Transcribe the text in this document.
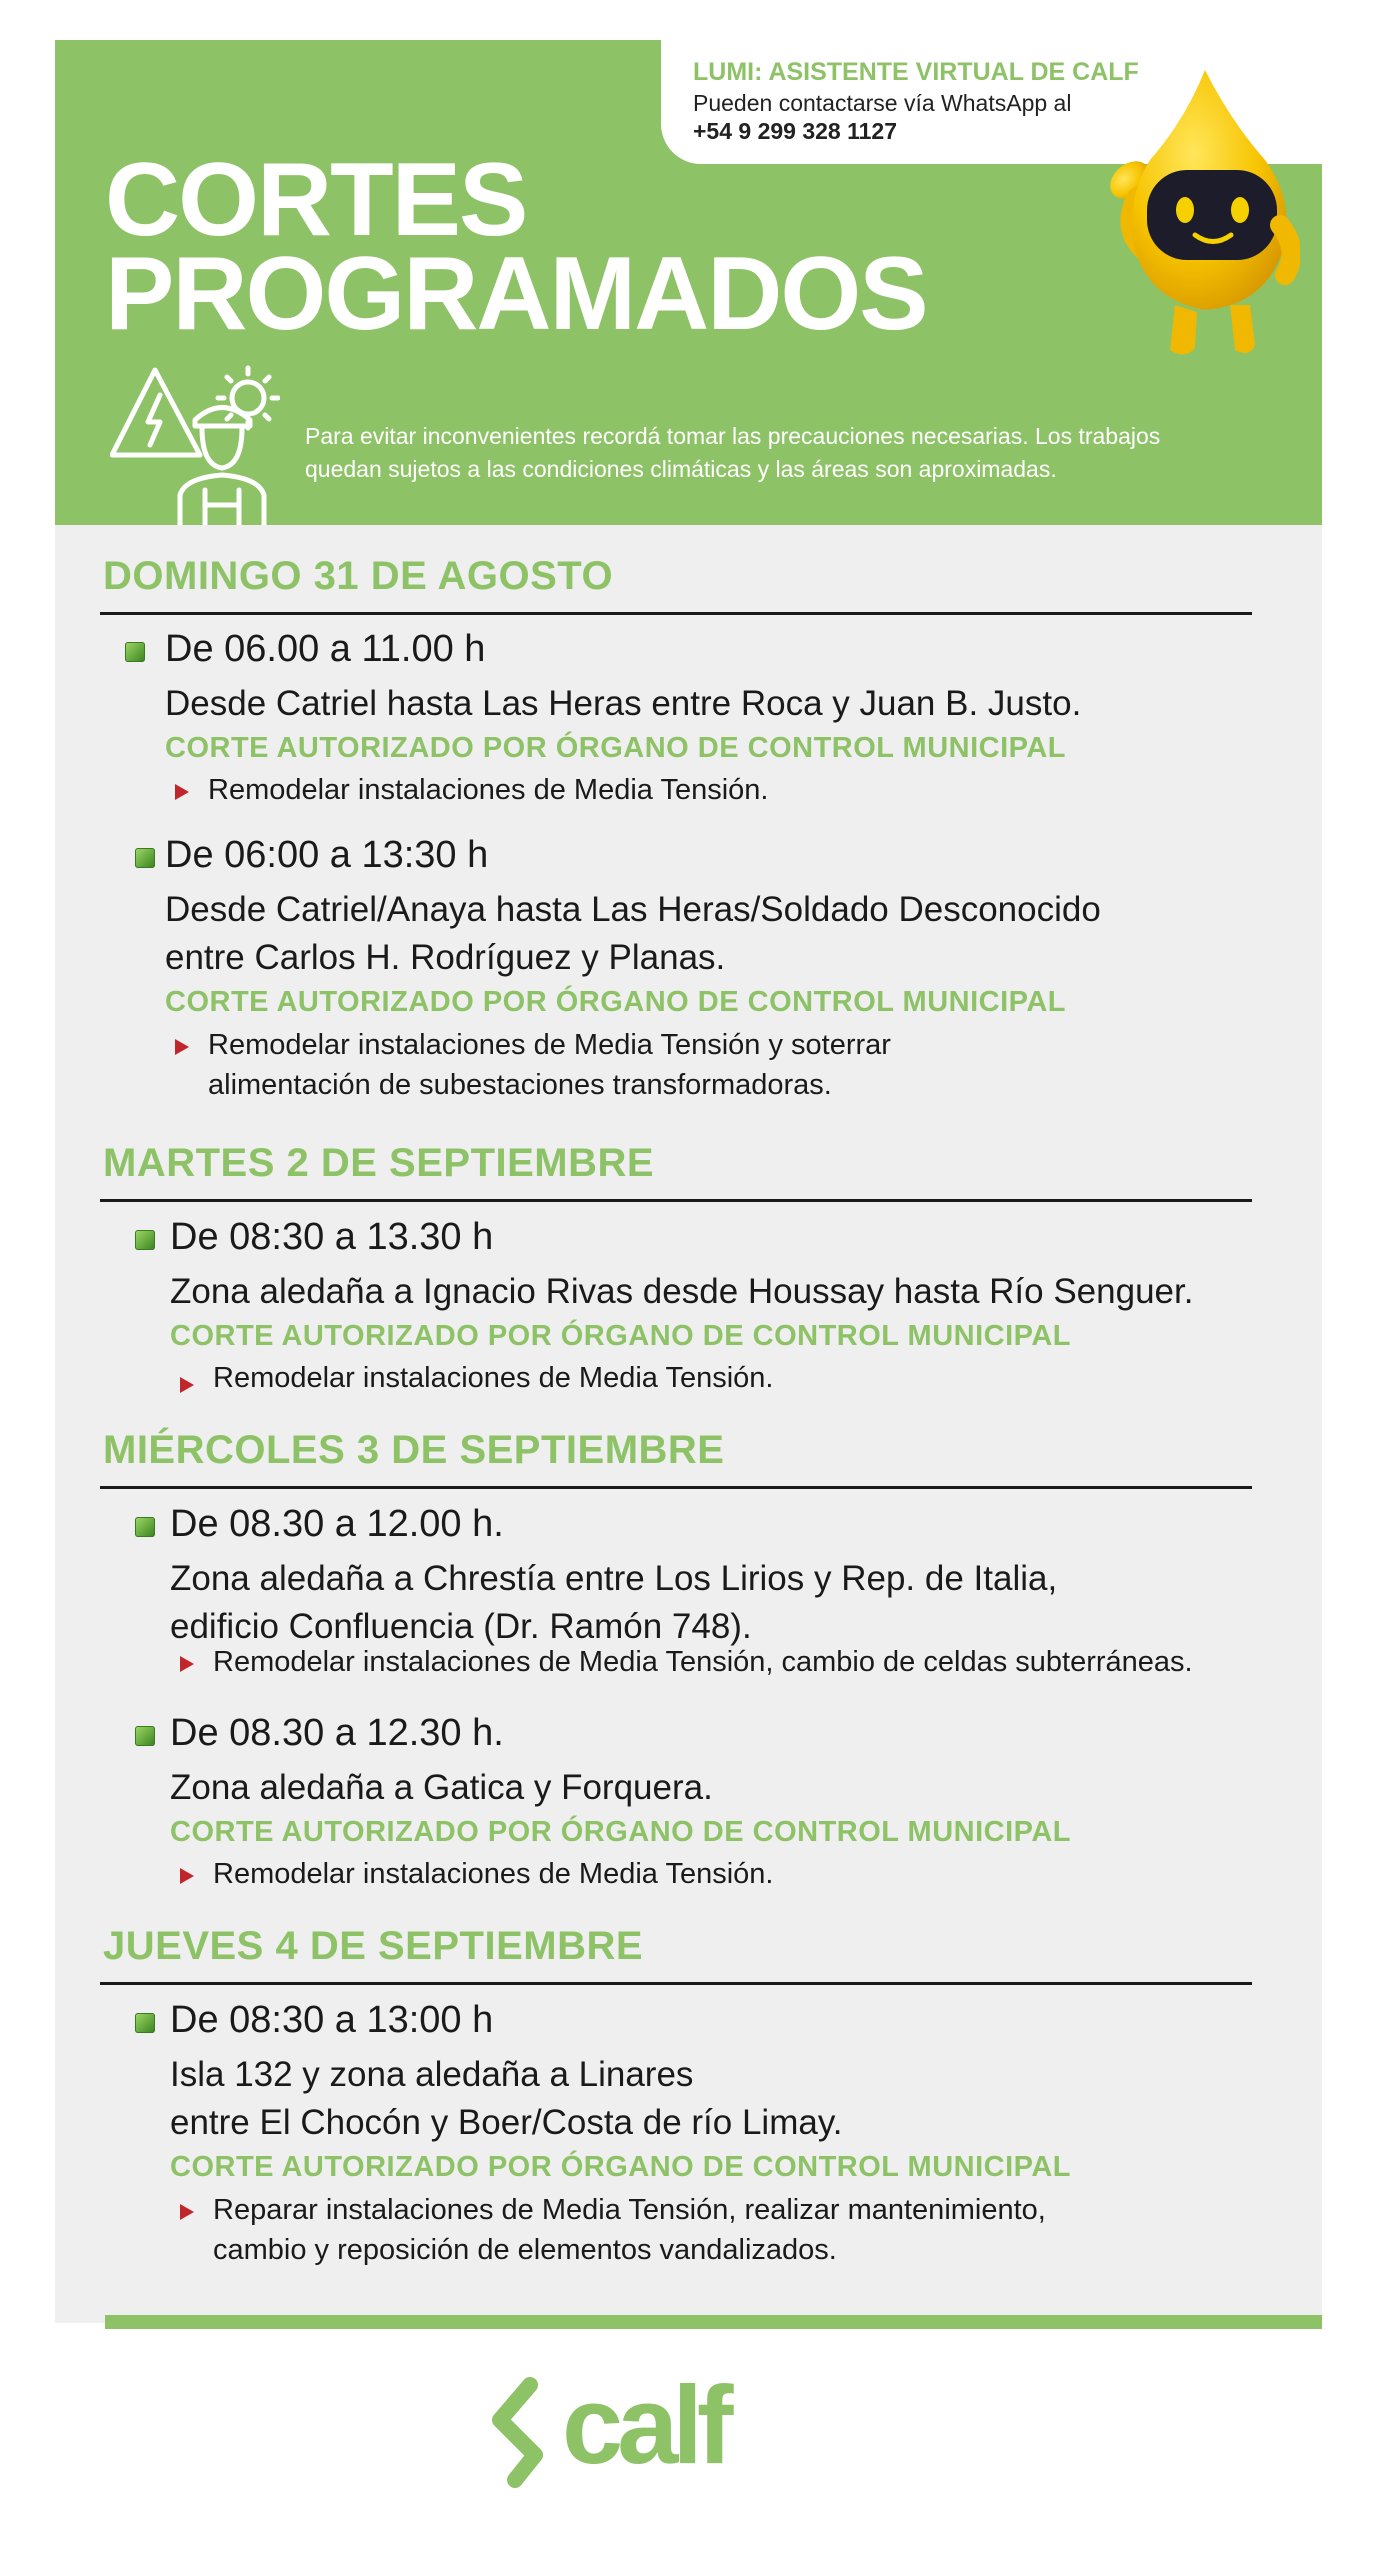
CORTES
PROGRAMADOS
LUMI: ASISTENTE VIRTUAL DE CALF
Pueden contactarse vía WhatsApp al
+54 9 299 328 1127

Para evitar inconvenientes recordá tomar las precauciones necesarias. Los trabajos
quedan sujetos a las condiciones climáticas y las áreas son aproximadas.

DOMINGO 31 DE AGOSTO
De 06.00 a 11.00 h
Desde Catriel hasta Las Heras entre Roca y Juan B. Justo.
CORTE AUTORIZADO POR ÓRGANO DE CONTROL MUNICIPAL
Remodelar instalaciones de Media Tensión.
De 06:00 a 13:30 h
Desde Catriel/Anaya hasta Las Heras/Soldado Desconocido
entre Carlos H. Rodríguez y Planas.
CORTE AUTORIZADO POR ÓRGANO DE CONTROL MUNICIPAL
Remodelar instalaciones de Media Tensión y soterrar
alimentación de subestaciones transformadoras.
MARTES 2 DE SEPTIEMBRE
De 08:30 a 13.30 h
Zona aledaña a Ignacio Rivas desde Houssay hasta Río Senguer.
CORTE AUTORIZADO POR ÓRGANO DE CONTROL MUNICIPAL
Remodelar instalaciones de Media Tensión.
MIÉRCOLES 3 DE SEPTIEMBRE
De 08.30 a 12.00 h.
Zona aledaña a Chrestía entre Los Lirios y Rep. de Italia,
edificio Confluencia (Dr. Ramón 748).
Remodelar instalaciones de Media Tensión, cambio de celdas subterráneas.
De 08.30 a 12.30 h.
Zona aledaña a Gatica y Forquera.
CORTE AUTORIZADO POR ÓRGANO DE CONTROL MUNICIPAL
Remodelar instalaciones de Media Tensión.
JUEVES 4 DE SEPTIEMBRE
De 08:30 a 13:00 h
Isla 132 y zona aledaña a Linares
entre El Chocón y Boer/Costa de río Limay.
CORTE AUTORIZADO POR ÓRGANO DE CONTROL MUNICIPAL
Reparar instalaciones de Media Tensión, realizar mantenimiento,
cambio y reposición de elementos vandalizados.
calf
